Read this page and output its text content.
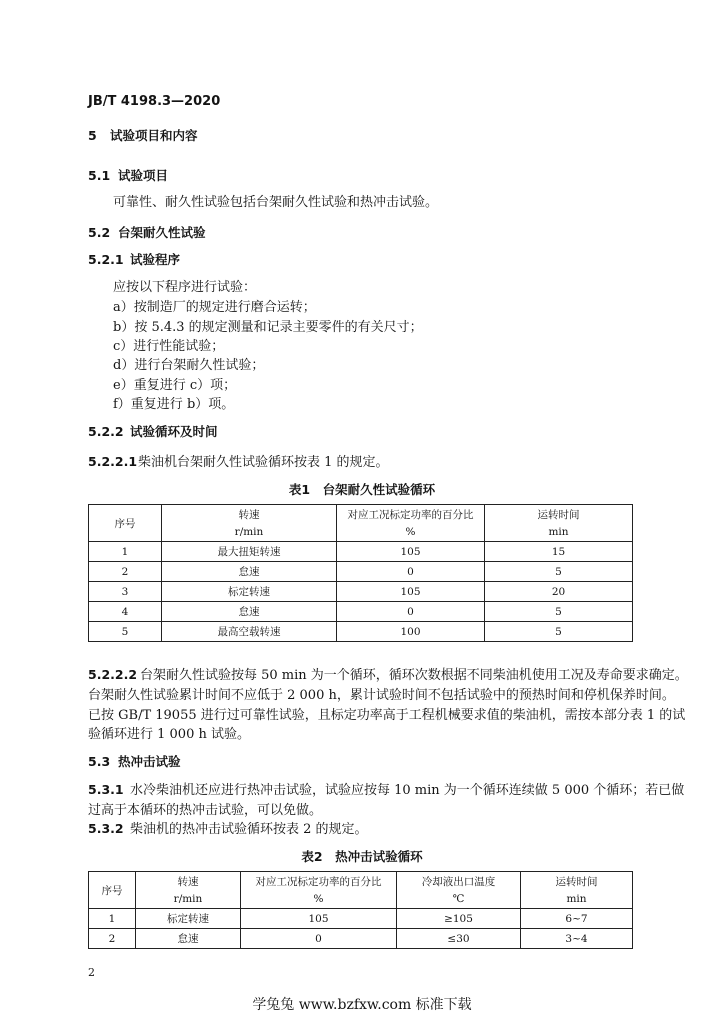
JB/T 4198.3—2020
5 试验项目和内容
5.1 试验项目
可靠性、耐久性试验包括台架耐久性试验和热冲击试验。
5.2 台架耐久性试验
5.2.1 试验程序
应按以下程序进行试验：
a）按制造厂的规定进行磨合运转；
b）按 5.4.3 的规定测量和记录主要零件的有关尺寸；
c）进行性能试验；
d）进行台架耐久性试验；
e）重复进行 c）项；
f）重复进行 b）项。
5.2.2 试验循环及时间
5.2.2.1柴油机台架耐久性试验循环按表 1 的规定。
表1　台架耐久性试验循环
序号	转速	对应工况标定功率的百分比	运转时间
	r/min	%	min
1	最大扭矩转速	105	15
2	怠速	0	5
3	标定转速	105	20
4	怠速	0	5
5	最高空载转速	100	5
5.2.2.2 台架耐久性试验按每 50 min 为一个循环，循环次数根据不同柴油机使用工况及寿命要求确定。
台架耐久性试验累计时间不应低于 2 000 h，累计试验时间不包括试验中的预热时间和停机保养时间。
已按 GB/T 19055 进行过可靠性试验，且标定功率高于工程机械要求值的柴油机，需按本部分表 1 的试
验循环进行 1 000 h 试验。
5.3 热冲击试验
5.3.1 水冷柴油机还应进行热冲击试验，试验应按每 10 min 为一个循环连续做 5 000 个循环；若已做
过高于本循环的热冲击试验，可以免做。
5.3.2 柴油机的热冲击试验循环按表 2 的规定。
表2　热冲击试验循环
序号	转速	对应工况标定功率的百分比	冷却液出口温度	运转时间
	r/min	%	℃	min
1	标定转速	105	≥105	6~7
2	怠速	0	≤30	3~4
2
学兔兔 www.bzfxw.com 标准下载
